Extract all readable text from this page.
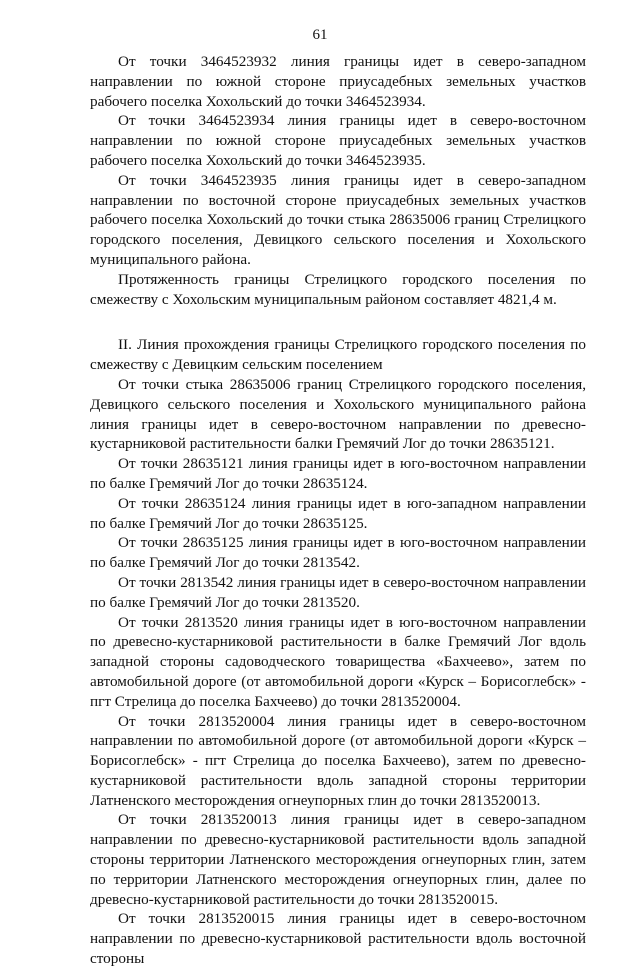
61

От точки 3464523932 линия границы идет в северо-западном направлении по южной стороне приусадебных земельных участков рабочего поселка Хохольский до точки 3464523934.

От точки 3464523934 линия границы идет в северо-восточном направлении по южной стороне приусадебных земельных участков рабочего поселка Хохольский до точки 3464523935.

От точки 3464523935 линия границы идет в северо-западном направлении по восточной стороне приусадебных земельных участков рабочего поселка Хохольский до точки стыка 28635006 границ Стрелицкого городского поселения, Девицкого сельского поселения и Хохольского муниципального района.

Протяженность границы Стрелицкого городского поселения по смежеству с Хохольским муниципальным районом составляет 4821,4 м.

II. Линия прохождения границы Стрелицкого городского поселения по смежеству с Девицким сельским поселением

От точки стыка 28635006 границ Стрелицкого городского поселения, Девицкого сельского поселения и Хохольского муниципального района линия границы идет в северо-восточном направлении по древесно-кустарниковой растительности балки Гремячий Лог до точки 28635121.

От точки 28635121 линия границы идет в юго-восточном направлении по балке Гремячий Лог до точки 28635124.

От точки 28635124 линия границы идет в юго-западном направлении по балке Гремячий Лог до точки 28635125.

От точки 28635125 линия границы идет в юго-восточном направлении по балке Гремячий Лог до точки 2813542.

От точки 2813542 линия границы идет в северо-восточном направлении по балке Гремячий Лог до точки 2813520.

От точки 2813520 линия границы идет в юго-восточном направлении по древесно-кустарниковой растительности в балке Гремячий Лог вдоль западной стороны садоводческого товарищества «Бахчеево», затем по автомобильной дороге (от автомобильной дороги «Курск – Борисоглебск» - пгт Стрелица до поселка Бахчеево) до точки 2813520004.

От точки 2813520004 линия границы идет в северо-восточном направлении по автомобильной дороге (от автомобильной дороги «Курск – Борисоглебск» - пгт Стрелица до поселка Бахчеево), затем по древесно-кустарниковой растительности вдоль западной стороны территории Латненского месторождения огнеупорных глин до точки 2813520013.

От точки 2813520013 линия границы идет в северо-западном направлении по древесно-кустарниковой растительности вдоль западной стороны территории Латненского месторождения огнеупорных глин, затем по территории Латненского месторождения огнеупорных глин, далее по древесно-кустарниковой растительности до точки 2813520015.

От точки 2813520015 линия границы идет в северо-восточном направлении по древесно-кустарниковой растительности вдоль восточной стороны
